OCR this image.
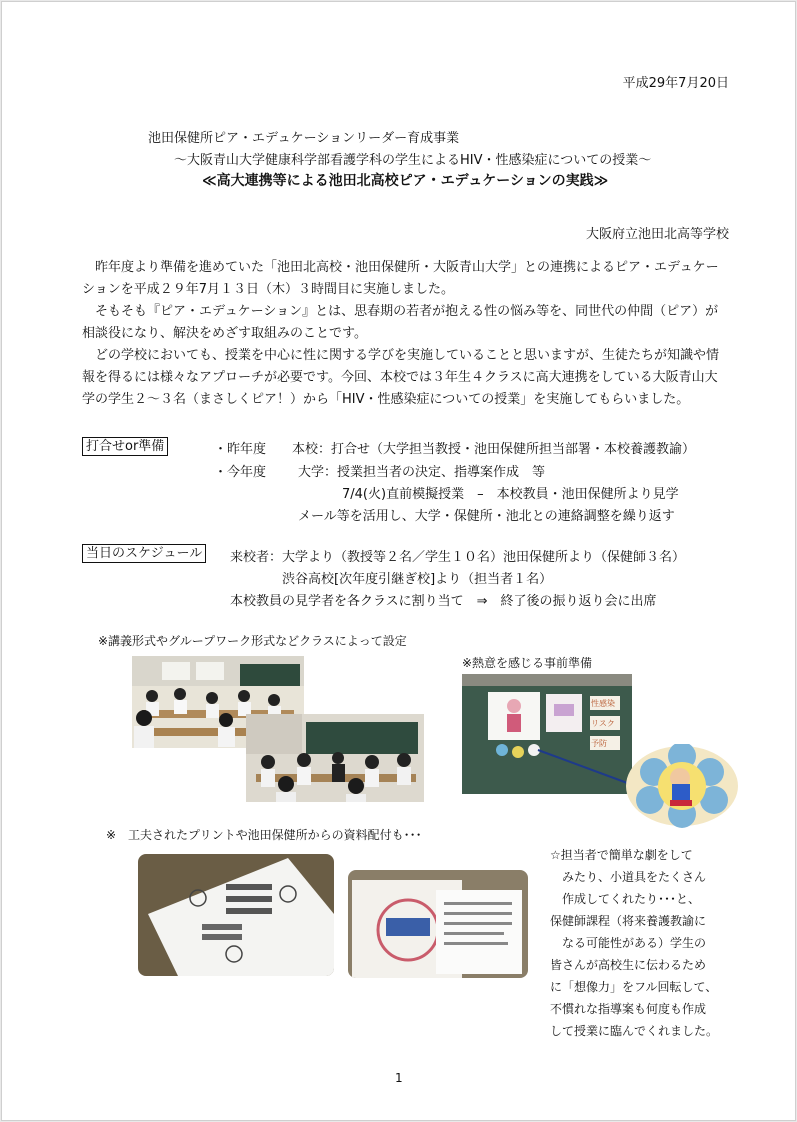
平成29年7月20日
池田保健所ピア・エデュケーションリーダー育成事業
～大阪青山大学健康科学部看護学科の学生によるHIV・性感染症についての授業～
≪高大連携等による池田北高校ピア・エデュケーションの実践≫
大阪府立池田北高等学校

昨年度より準備を進めていた「池田北高校・池田保健所・大阪青山大学」との連携によるピア・エデュケー

ションを平成２９年7月１３日（木）３時間目に実施しました。

そもそも『ピア・エデュケーション』とは、思春期の若者が抱える性の悩み等を、同世代の仲間（ピア）が

相談役になり、解決をめざす取組みのことです。

どの学校においても、授業を中心に性に関する学びを実施していることと思いますが、生徒たちが知識や情

報を得るには様々なアプローチが必要です。今回、本校では３年生４クラスに高大連携をしている大阪青山大

学の学生２～３名（まさしくピア！）から「HIV・性感染症についての授業」を実施してもらいました。

打合せor準備	・昨年度 本校：打合せ（大学担当教授・池田保健所担当部署・本校養護教諭）
・今年度 大学：授業担当者の決定、指導案作成　等
7/4(火)直前模擬授業　–　本校教員・池田保健所より見学
メール等を活用し、大学・保健所・池北との連絡調整を繰り返す
当日のスケジュール	来校者：大学より（教授等２名／学生１０名）池田保健所より（保健師３名）
渋谷高校[次年度引継ぎ校]より（担当者１名）
本校教員の見学者を各クラスに割り当て　⇒　終了後の振り返り会に出席
※講義形式やグループワーク形式などクラスによって設定
※熱意を感じる事前準備
性感染
リスク
予防
※　工夫されたプリントや池田保健所からの資料配付も･･･
☆担当者で簡単な劇をして
みたり、小道具をたくさん
作成してくれたり･･･と、
保健師課程（将来養護教諭に
なる可能性がある）学生の
皆さんが高校生に伝わるため
に「想像力」をフル回転して、
不慣れな指導案も何度も作成
して授業に臨んでくれました。
1
